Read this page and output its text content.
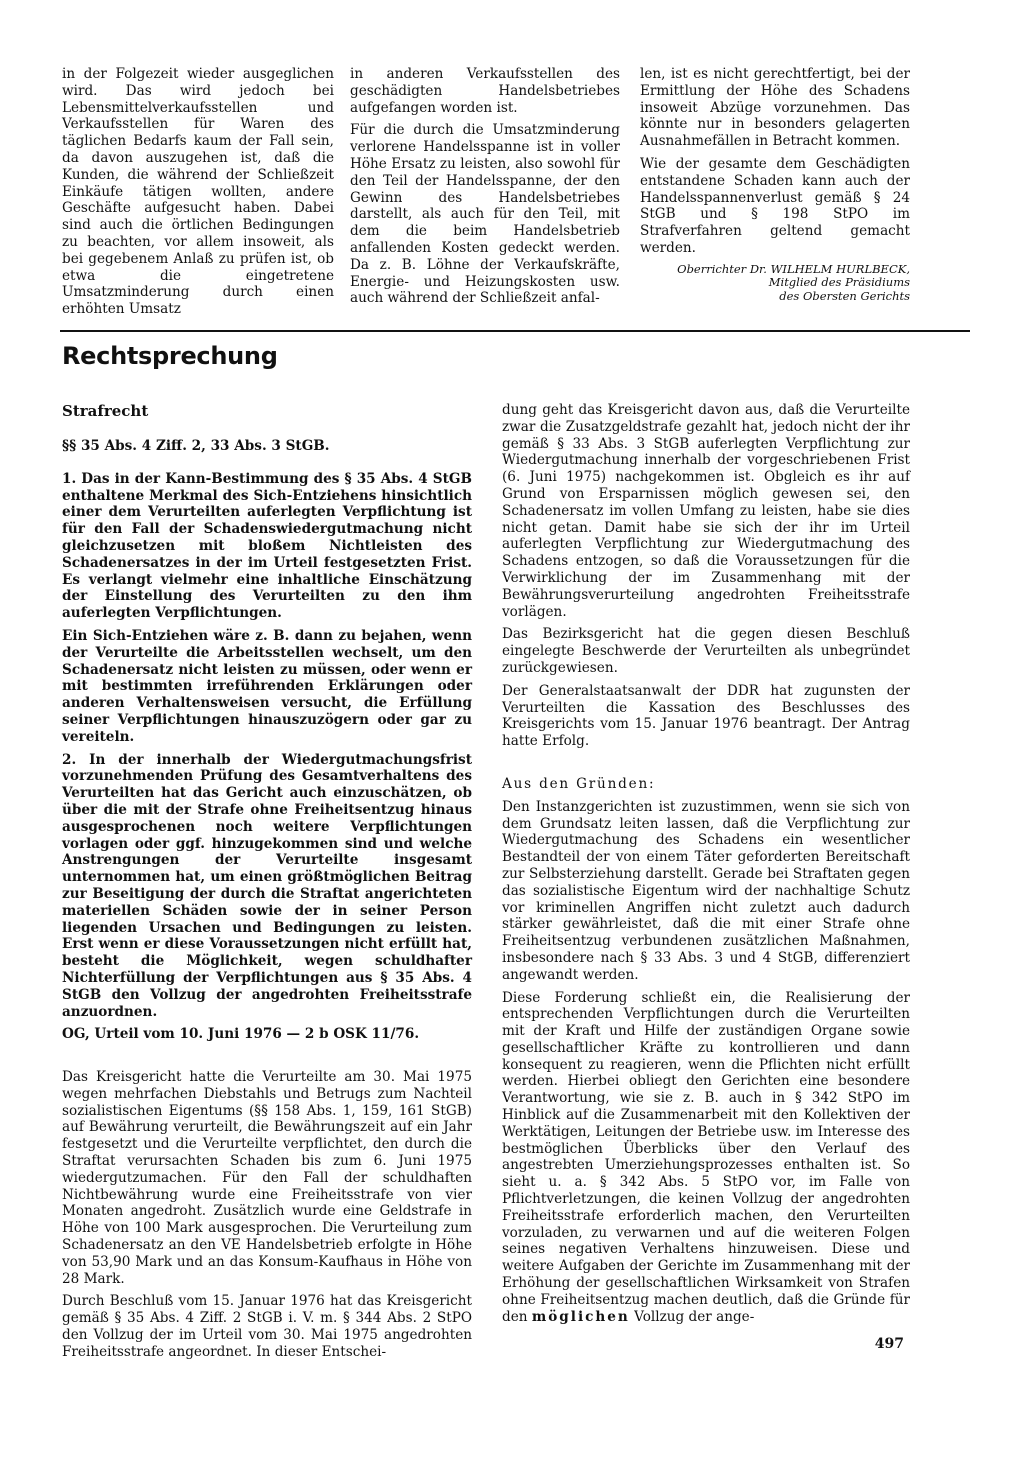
in der Folgezeit wieder ausgeglichen wird. Das wird jedoch bei Lebensmittelverkaufsstellen und Verkaufsstellen für Waren des täglichen Bedarfs kaum der Fall sein, da davon auszugehen ist, daß die Kunden, die während der Schließzeit Einkäufe tätigen wollten, andere Geschäfte aufgesucht haben. Dabei sind auch die örtlichen Bedingungen zu beachten, vor allem insoweit, als bei gegebenem Anlaß zu prüfen ist, ob etwa die eingetretene Umsatzminderung durch einen erhöhten Umsatz

in anderen Verkaufsstellen des geschädigten Handelsbetriebes aufgefangen worden ist.

Für die durch die Umsatzminderung verlorene Handelsspanne ist in voller Höhe Ersatz zu leisten, also sowohl für den Teil der Handelsspanne, der den Gewinn des Handelsbetriebes darstellt, als auch für den Teil, mit dem die beim Handelsbetrieb anfallenden Kosten gedeckt werden. Da z. B. Löhne der Verkaufskräfte, Energie- und Heizungskosten usw. auch während der Schließzeit anfal-

len, ist es nicht gerechtfertigt, bei der Ermittlung der Höhe des Schadens insoweit Abzüge vorzunehmen. Das könnte nur in besonders gelagerten Ausnahmefällen in Betracht kommen.

Wie der gesamte dem Geschädigten entstandene Schaden kann auch der Handelsspannenverlust gemäß § 24 StGB und § 198 StPO im Strafverfahren geltend gemacht werden.

Oberrichter Dr. WILHELM HURLBECK,
Mitglied des Präsidiums
des Obersten Gerichts
Rechtsprechung
Strafrecht

§§ 35 Abs. 4 Ziff. 2, 33 Abs. 3 StGB.

1. Das in der Kann-Bestimmung des § 35 Abs. 4 StGB enthaltene Merkmal des Sich-Entziehens hinsichtlich einer dem Verurteilten auferlegten Verpflichtung ist für den Fall der Schadenswiedergutmachung nicht gleichzusetzen mit bloßem Nichtleisten des Schadenersatzes in der im Urteil festgesetzten Frist. Es verlangt vielmehr eine inhaltliche Einschätzung der Einstellung des Verurteilten zu den ihm auferlegten Verpflichtungen.

Ein Sich-Entziehen wäre z. B. dann zu bejahen, wenn der Verurteilte die Arbeitsstellen wechselt, um den Schadenersatz nicht leisten zu müssen, oder wenn er mit bestimmten irreführenden Erklärungen oder anderen Verhaltensweisen versucht, die Erfüllung seiner Verpflichtungen hinauszuzögern oder gar zu vereiteln.

2. In der innerhalb der Wiedergutmachungsfrist vorzunehmenden Prüfung des Gesamtverhaltens des Verurteilten hat das Gericht auch einzuschätzen, ob über die mit der Strafe ohne Freiheitsentzug hinaus ausgesprochenen noch weitere Verpflichtungen vorlagen oder ggf. hinzugekommen sind und welche Anstrengungen der Verurteilte insgesamt unternommen hat, um einen größtmöglichen Beitrag zur Beseitigung der durch die Straftat angerichteten materiellen Schäden sowie der in seiner Person liegenden Ursachen und Bedingungen zu leisten. Erst wenn er diese Voraussetzungen nicht erfüllt hat, besteht die Möglichkeit, wegen schuldhafter Nichterfüllung der Verpflichtungen aus § 35 Abs. 4 StGB den Vollzug der angedrohten Freiheitsstrafe anzuordnen.

OG, Urteil vom 10. Juni 1976 — 2 b OSK 11/76.

Das Kreisgericht hatte die Verurteilte am 30. Mai 1975 wegen mehrfachen Diebstahls und Betrugs zum Nachteil sozialistischen Eigentums (§§ 158 Abs. 1, 159, 161 StGB) auf Bewährung verurteilt, die Bewährungszeit auf ein Jahr festgesetzt und die Verurteilte verpflichtet, den durch die Straftat verursachten Schaden bis zum 6. Juni 1975 wiedergutzumachen. Für den Fall der schuldhaften Nichtbewährung wurde eine Freiheitsstrafe von vier Monaten angedroht. Zusätzlich wurde eine Geldstrafe in Höhe von 100 Mark ausgesprochen. Die Verurteilung zum Schadenersatz an den VE Handelsbetrieb erfolgte in Höhe von 53,90 Mark und an das Konsum-Kaufhaus in Höhe von 28 Mark.

Durch Beschluß vom 15. Januar 1976 hat das Kreisgericht gemäß § 35 Abs. 4 Ziff. 2 StGB i. V. m. § 344 Abs. 2 StPO den Vollzug der im Urteil vom 30. Mai 1975 angedrohten Freiheitsstrafe angeordnet. In dieser Entschei-

dung geht das Kreisgericht davon aus, daß die Verurteilte zwar die Zusatzgeldstrafe gezahlt hat, jedoch nicht der ihr gemäß § 33 Abs. 3 StGB auferlegten Verpflichtung zur Wiedergutmachung innerhalb der vorgeschriebenen Frist (6. Juni 1975) nachgekommen ist. Obgleich es ihr auf Grund von Ersparnissen möglich gewesen sei, den Schadenersatz im vollen Umfang zu leisten, habe sie dies nicht getan. Damit habe sie sich der ihr im Urteil auferlegten Verpflichtung zur Wiedergutmachung des Schadens entzogen, so daß die Voraussetzungen für die Verwirklichung der im Zusammenhang mit der Bewährungsverurteilung angedrohten Freiheitsstrafe vorlägen.

Das Bezirksgericht hat die gegen diesen Beschluß eingelegte Beschwerde der Verurteilten als unbegründet zurückgewiesen.

Der Generalstaatsanwalt der DDR hat zugunsten der Verurteilten die Kassation des Beschlusses des Kreisgerichts vom 15. Januar 1976 beantragt. Der Antrag hatte Erfolg.

Aus den Gründen:

Den Instanzgerichten ist zuzustimmen, wenn sie sich von dem Grundsatz leiten lassen, daß die Verpflichtung zur Wiedergutmachung des Schadens ein wesentlicher Bestandteil der von einem Täter geforderten Bereitschaft zur Selbsterziehung darstellt. Gerade bei Straftaten gegen das sozialistische Eigentum wird der nachhaltige Schutz vor kriminellen Angriffen nicht zuletzt auch dadurch stärker gewährleistet, daß die mit einer Strafe ohne Freiheitsentzug verbundenen zusätzlichen Maßnahmen, insbesondere nach § 33 Abs. 3 und 4 StGB, differenziert angewandt werden.

Diese Forderung schließt ein, die Realisierung der entsprechenden Verpflichtungen durch die Verurteilten mit der Kraft und Hilfe der zuständigen Organe sowie gesellschaftlicher Kräfte zu kontrollieren und dann konsequent zu reagieren, wenn die Pflichten nicht erfüllt werden. Hierbei obliegt den Gerichten eine besondere Verantwortung, wie sie z. B. auch in § 342 StPO im Hinblick auf die Zusammenarbeit mit den Kollektiven der Werktätigen, Leitungen der Betriebe usw. im Interesse des bestmöglichen Überblicks über den Verlauf des angestrebten Umerziehungsprozesses enthalten ist. So sieht u. a. § 342 Abs. 5 StPO vor, im Falle von Pflichtverletzungen, die keinen Vollzug der angedrohten Freiheitsstrafe erforderlich machen, den Verurteilten vorzuladen, zu verwarnen und auf die weiteren Folgen seines negativen Verhaltens hinzuweisen. Diese und weitere Aufgaben der Gerichte im Zusammenhang mit der Erhöhung der gesellschaftlichen Wirksamkeit von Strafen ohne Freiheitsentzug machen deutlich, daß die Gründe für den möglichen Vollzug der ange-

497
